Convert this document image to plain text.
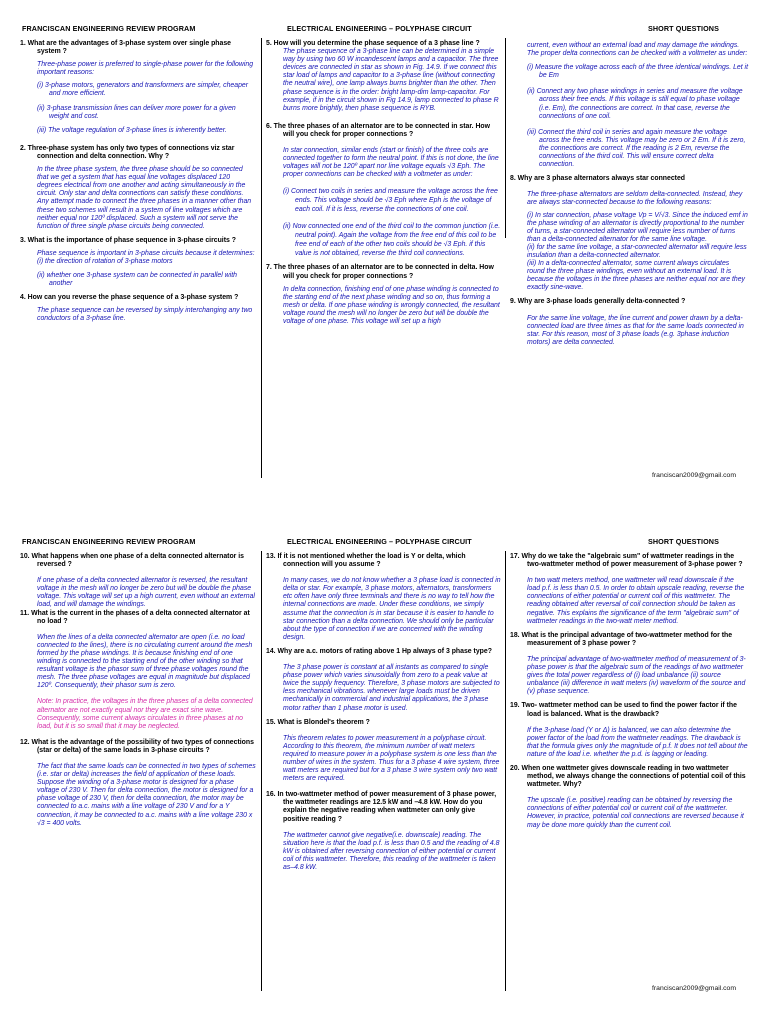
FRANCISCAN ENGINEERING REVIEW PROGRAM	ELECTRICAL ENGINEERING – POLYPHASE CIRCUIT	SHORT QUESTIONS
1. What are the advantages of 3-phase system over single phase system ?

Three-phase power is preferred to single-phase power for the following important reasons:

(i) 3-phase motors, generators and transformers are simpler, cheaper and more efficient.

(ii) 3-phase transmission lines can deliver more power for a given weight and cost.

(iii) The voltage regulation of 3-phase lines is inherently better.

2. Three-phase system has only two types of connections viz star connection and delta connection. Why ?
In the three phase system, the three phase should be so connected that we get a system that has equal line voltages displaced 120 degrees electrical from one another and acting simultaneously in the circuit. Only star and delta connections can satisfy these conditions. Any attempt made to connect the three phases in a manner other than these two schemes will result in a system of line voltages which are neither equal nor 120º displaced. Such a system will not serve the function of three single phase circuits being connected.
3. What is the importance of phase sequence in 3-phase circuits ?

Phase sequence is important in 3-phase circuits because it determines:

(i) the direction of rotation of 3-phase motors

(ii) whether one 3-phase system can be connected in parallel with another

4. How can you reverse the phase sequence of a 3-phase system ?
The phase sequence can be reversed by simply interchanging any two conductors of a 3-phase line.
5. How will you determine the phase sequence of a 3 phase line ?
The phase sequence of a 3-phase line can be determined in a simple way by using two 60 W incandescent lamps and a capacitor. The three devices are connected in star as shown in Fig. 14.9. If we connect this star load of lamps and capacitor to a 3-phase line (without connecting the neutral wire), one lamp always burns brighter than the other. Then phase sequence is in the order: bright lamp-dim lamp-capacitor. For example, if in the circuit shown in Fig 14.9, lamp connected to phase R burns more brightly, then phase sequence is RYB.
6. The three phases of an alternator are to be connected in star. How will you check for proper connections ?

In star connection, similar ends (start or finish) of the three coils are connected together to form the neutral point. If this is not done, the line voltages will not be 120º apart nor line voltage equals √3 Eph. The proper connections can be checked with a voltmeter as under:

(i) Connect two coils in series and measure the voltage across the free ends. This voltage should be √3 Eph where Eph is the voltage of each coil. If it is less, reverse the connections of one coil.

(ii) Now connected one end of the third coil to the common junction (i.e. neutral point). Again the voltage from the free end of this coil to be free end of each of the other two coils should be √3 Eph. if this value is not obtained, reverse the third coil connections.

7. The three phases of an alternator are to be connected in delta. How will you check for proper connections ?
In delta connection, finishing end of one phase winding is connected to the starting end of the next phase winding and so on, thus forming a mesh or delta. If one phase winding is wrongly connected, the resultant voltage round the mesh will no longer be zero but will be double the voltage of one phase. This voltage will set up a high

current, even without an external load and may damage the windings. The proper delta connections can be checked with a voltmeter as under:

(i) Measure the voltage across each of the three identical windings. Let it be Em

(ii) Connect any two phase windings in series and measure the voltage across their free ends. If this voltage is still equal to phase voltage (i.e. Em), the connections are correct. In that case, reverse the connections of one coil.

(iii) Connect the third coil in series and again measure the voltage across the free ends. This voltage may be zero or 2 Em. If it is zero, the connections are correct. If the reading is 2 Em, reverse the connections of the third coil. This will ensure correct delta connection.

8. Why are 3 phase alternators always star connected

The three-phase alternators are seldom delta-connected. Instead, they are always star-connected because to the following reasons:

(i) In star connection, phase voltage Vp = V/√3. Since the induced emf in the phase winding of an alternator is directly proportional to the number of turns, a star-connected alternator will require less number of turns than a delta-connected alternator for the same line voltage.

(ii) for the same line voltage, a star-connected alternator will require less insulation than a delta-connected alternator.

(iii) In a delta-connected alternator, some current always circulates round the three phase windings, even without an external load. It is because the voltages in the three phases are neither equal nor are they exactly sine-wave.

9. Why are 3-phase loads generally delta-connected ?
For the same line voltage, the line current and power drawn by a delta-connected load are three times as that for the same loads connected in star. For this reason, most of 3 phase loads (e.g. 3phase induction motors) are delta connected.
franciscan2009@gmail.com
FRANCISCAN ENGINEERING REVIEW PROGRAM	ELECTRICAL ENGINEERING – POLYPHASE CIRCUIT	SHORT QUESTIONS
10. What happens when one phase of a delta connected alternator is reversed ?
If one phase of a delta connected alternator is reversed, the resultant voltage in the mesh will no longer be zero but will be double the phase voltage. This voltage will set up a high current, even without an external load, and will damage the windings.
11. What is the current in the phases of a delta connected alternator at no load ?
When the lines of a delta connected alternator are open (i.e. no load connected to the lines), there is no circulating current around the mesh formed by the phase windings. It is because finishing end of one winding is connected to the starting end of the other winding so that resultant voltage is the phasor sum of three phase voltages round the mesh. The three phase voltages are equal in magnitude but displaced 120º. Consequently, their phasor sum is zero.
Note: In practice, the voltages in the three phases of a delta connected alternator are not exactly equal nor they are exact sine wave. Consequently, some current always circulates in three phases at no load, but it is so small that it may be neglected.
12. What is the advantage of the possibility of two types of connections (star or delta) of the same loads in 3-phase circuits ?
The fact that the same loads can be connected in two types of schemes (i.e. star or delta) increases the field of application of these loads. Suppose the winding of a 3-phase motor is designed for a phase voltage of 230 V. Then for delta connection, the motor is designed for a phase voltage of 230 V, then for delta connection, the motor may be connected to a.c. mains with a line voltage of 230 V and for a Y connection, it may be connected to a.c. mains with a line voltage 230 x √3 = 400 volts.
13. If it is not mentioned whether the load is Y or delta, which connection will you assume ?
In many cases, we do not know whether a 3 phase load is connected in delta or star. For example, 3 phase motors, alternators, transformers etc often have only three terminals and there is no way to tell how the internal connections are made. Under these conditions, we simply assume that the connection is in star because it is easier to handle to star connection than a delta connection. We should only be particular about the type of connection if we are concerned with the winding design.
14. Why are a.c. motors of rating above 1 Hp always of 3 phase type?
The 3 phase power is constant at all instants as compared to single phase power which varies sinusoidally from zero to a peak value at twice the supply frequency. Therefore, 3 phase motors are subjected to less mechanical vibrations. whenever large loads must be driven mechanically in commercial and industrial applications, the 3 phase motor rather than 1 phase motor is used.
15. What is Blondel's theorem ?
This theorem relates to power measurement in a polyphase circuit. According to this theorem, the minimum number of watt meters required to measure power in a polyphase system is one less than the number of wires in the system. Thus for a 3 phase 4 wire system, three watt meters are required but for a 3 phase 3 wire system only two watt meters are required.
16. In two-wattmeter method of power measurement of 3 phase power, the wattmeter readings are 12.5 kW and –4.8 kW. How do you explain the negative reading when wattmeter can only give positive reading ?
The wattmeter cannot give negative(i.e. downscale) reading. The situation here is that the load p.f. is less than 0.5 and the reading of 4.8 kW is obtained after reversing connection of either potential or current coil of this wattmeter. Therefore, this reading of the wattmeter is taken as–4.8 kW.
17. Why do we take the "algebraic sum" of wattmeter readings in the two-wattmeter method of power measurement of 3-phase power ?
In two watt meters method, one wattmeter will read downscale if the load p.f. is less than 0.5. In order to obtain upscale reading, reverse the connections of either potential or current coil of this wattmeter. The reading obtained after reversal of coil connection should be taken as negative. This explains the significance of the term "algebraic sum" of wattmeter readings in the two-watt meter method.
18. What is the principal advantage of two-wattmeter method for the measurement of 3 phase power ?
The principal advantage of two-wattmeter method of measurement of 3-phase power is that the algebraic sum of the readings of two wattmeter gives the total power regardless of (i) load unbalance (ii) source unbalance (iii) difference in watt meters (iv) waveform of the source and (v) phase sequence.
19. Two- wattmeter method can be used to find the power factor if the load is balanced. What is the drawback?
If the 3-phase load (Y or Δ) is balanced, we can also determine the power factor of the load from the wattmeter readings. The drawback is that the formula gives only the magnitude of p.f. It does not tell about the nature of the load i.e. whether the p.d. is lagging or leading.
20. When one wattmeter gives downscale reading in two wattmeter method, we always change the connections of potential coil of this wattmeter. Why?
The upscale (i.e. positive) reading can be obtained by reversing the connections of either potential coil or current coil of the wattmeter. However, in practice, potential coil connections are reversed because it may be done more quickly than the current coil.
franciscan2009@gmail.com
